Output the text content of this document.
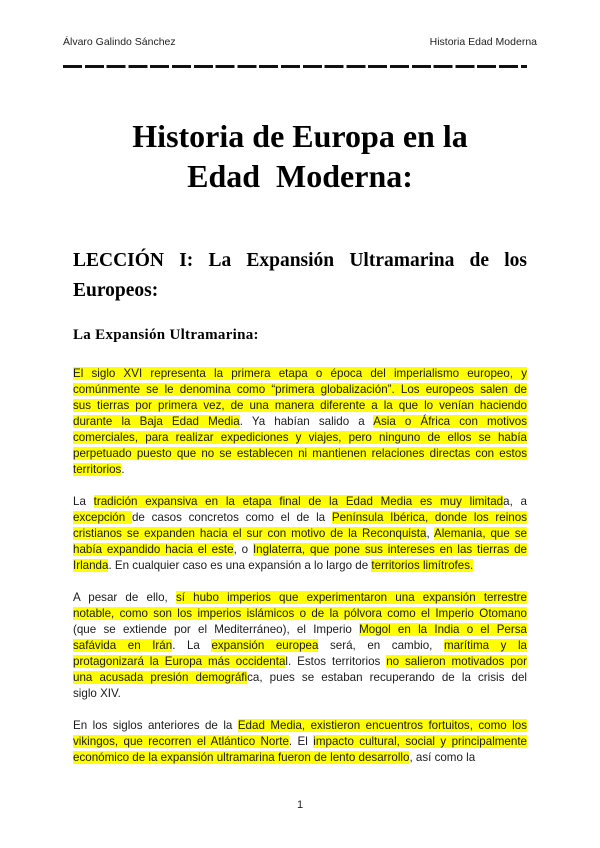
Álvaro Galindo Sánchez	Historia Edad Moderna
Historia de Europa en la
Edad  Moderna:
LECCIÓN I: La Expansión Ultramarina de los
Europeos:
La Expansión Ultramarina:
El siglo XVI representa la primera etapa o época del imperialismo europeo, y
comúnmente se le denomina como “primera globalización”. Los europeos salen de
sus tierras por primera vez, de una manera diferente a la que lo venían haciendo
durante la Baja Edad Media. Ya habían salido a Asia o África con motivos
comerciales, para realizar expediciones y viajes, pero ninguno de ellos se había
perpetuado puesto que no se establecen ni mantienen relaciones directas con estos
territorios.
La tradición expansiva en la etapa final de la Edad Media es muy limitada, a
excepción de casos concretos como el de la Península Ibérica, donde los reinos
cristianos se expanden hacia el sur con motivo de la Reconquista, Alemania, que se
había expandido hacia el este, o Inglaterra, que pone sus intereses en las tierras de
Irlanda. En cualquier caso es una expansión a lo largo de territorios limítrofes.
A pesar de ello, sí hubo imperios que experimentaron una expansión terrestre
notable, como son los imperios islámicos o de la pólvora como el Imperio Otomano
(que se extiende por el Mediterráneo), el Imperio Mogol en la India o el Persa
safávida en Irán. La expansión europea será, en cambio, marítima y la
protagonizará la Europa más occidental. Estos territorios no salieron motivados por
una acusada presión demográfica, pues se estaban recuperando de la crisis del
siglo XIV.
En los siglos anteriores de la Edad Media, existieron encuentros fortuitos, como los
vikingos, que recorren el Atlántico Norte. El impacto cultural, social y principalmente
económico de la expansión ultramarina fueron de lento desarrollo, así como la
1
